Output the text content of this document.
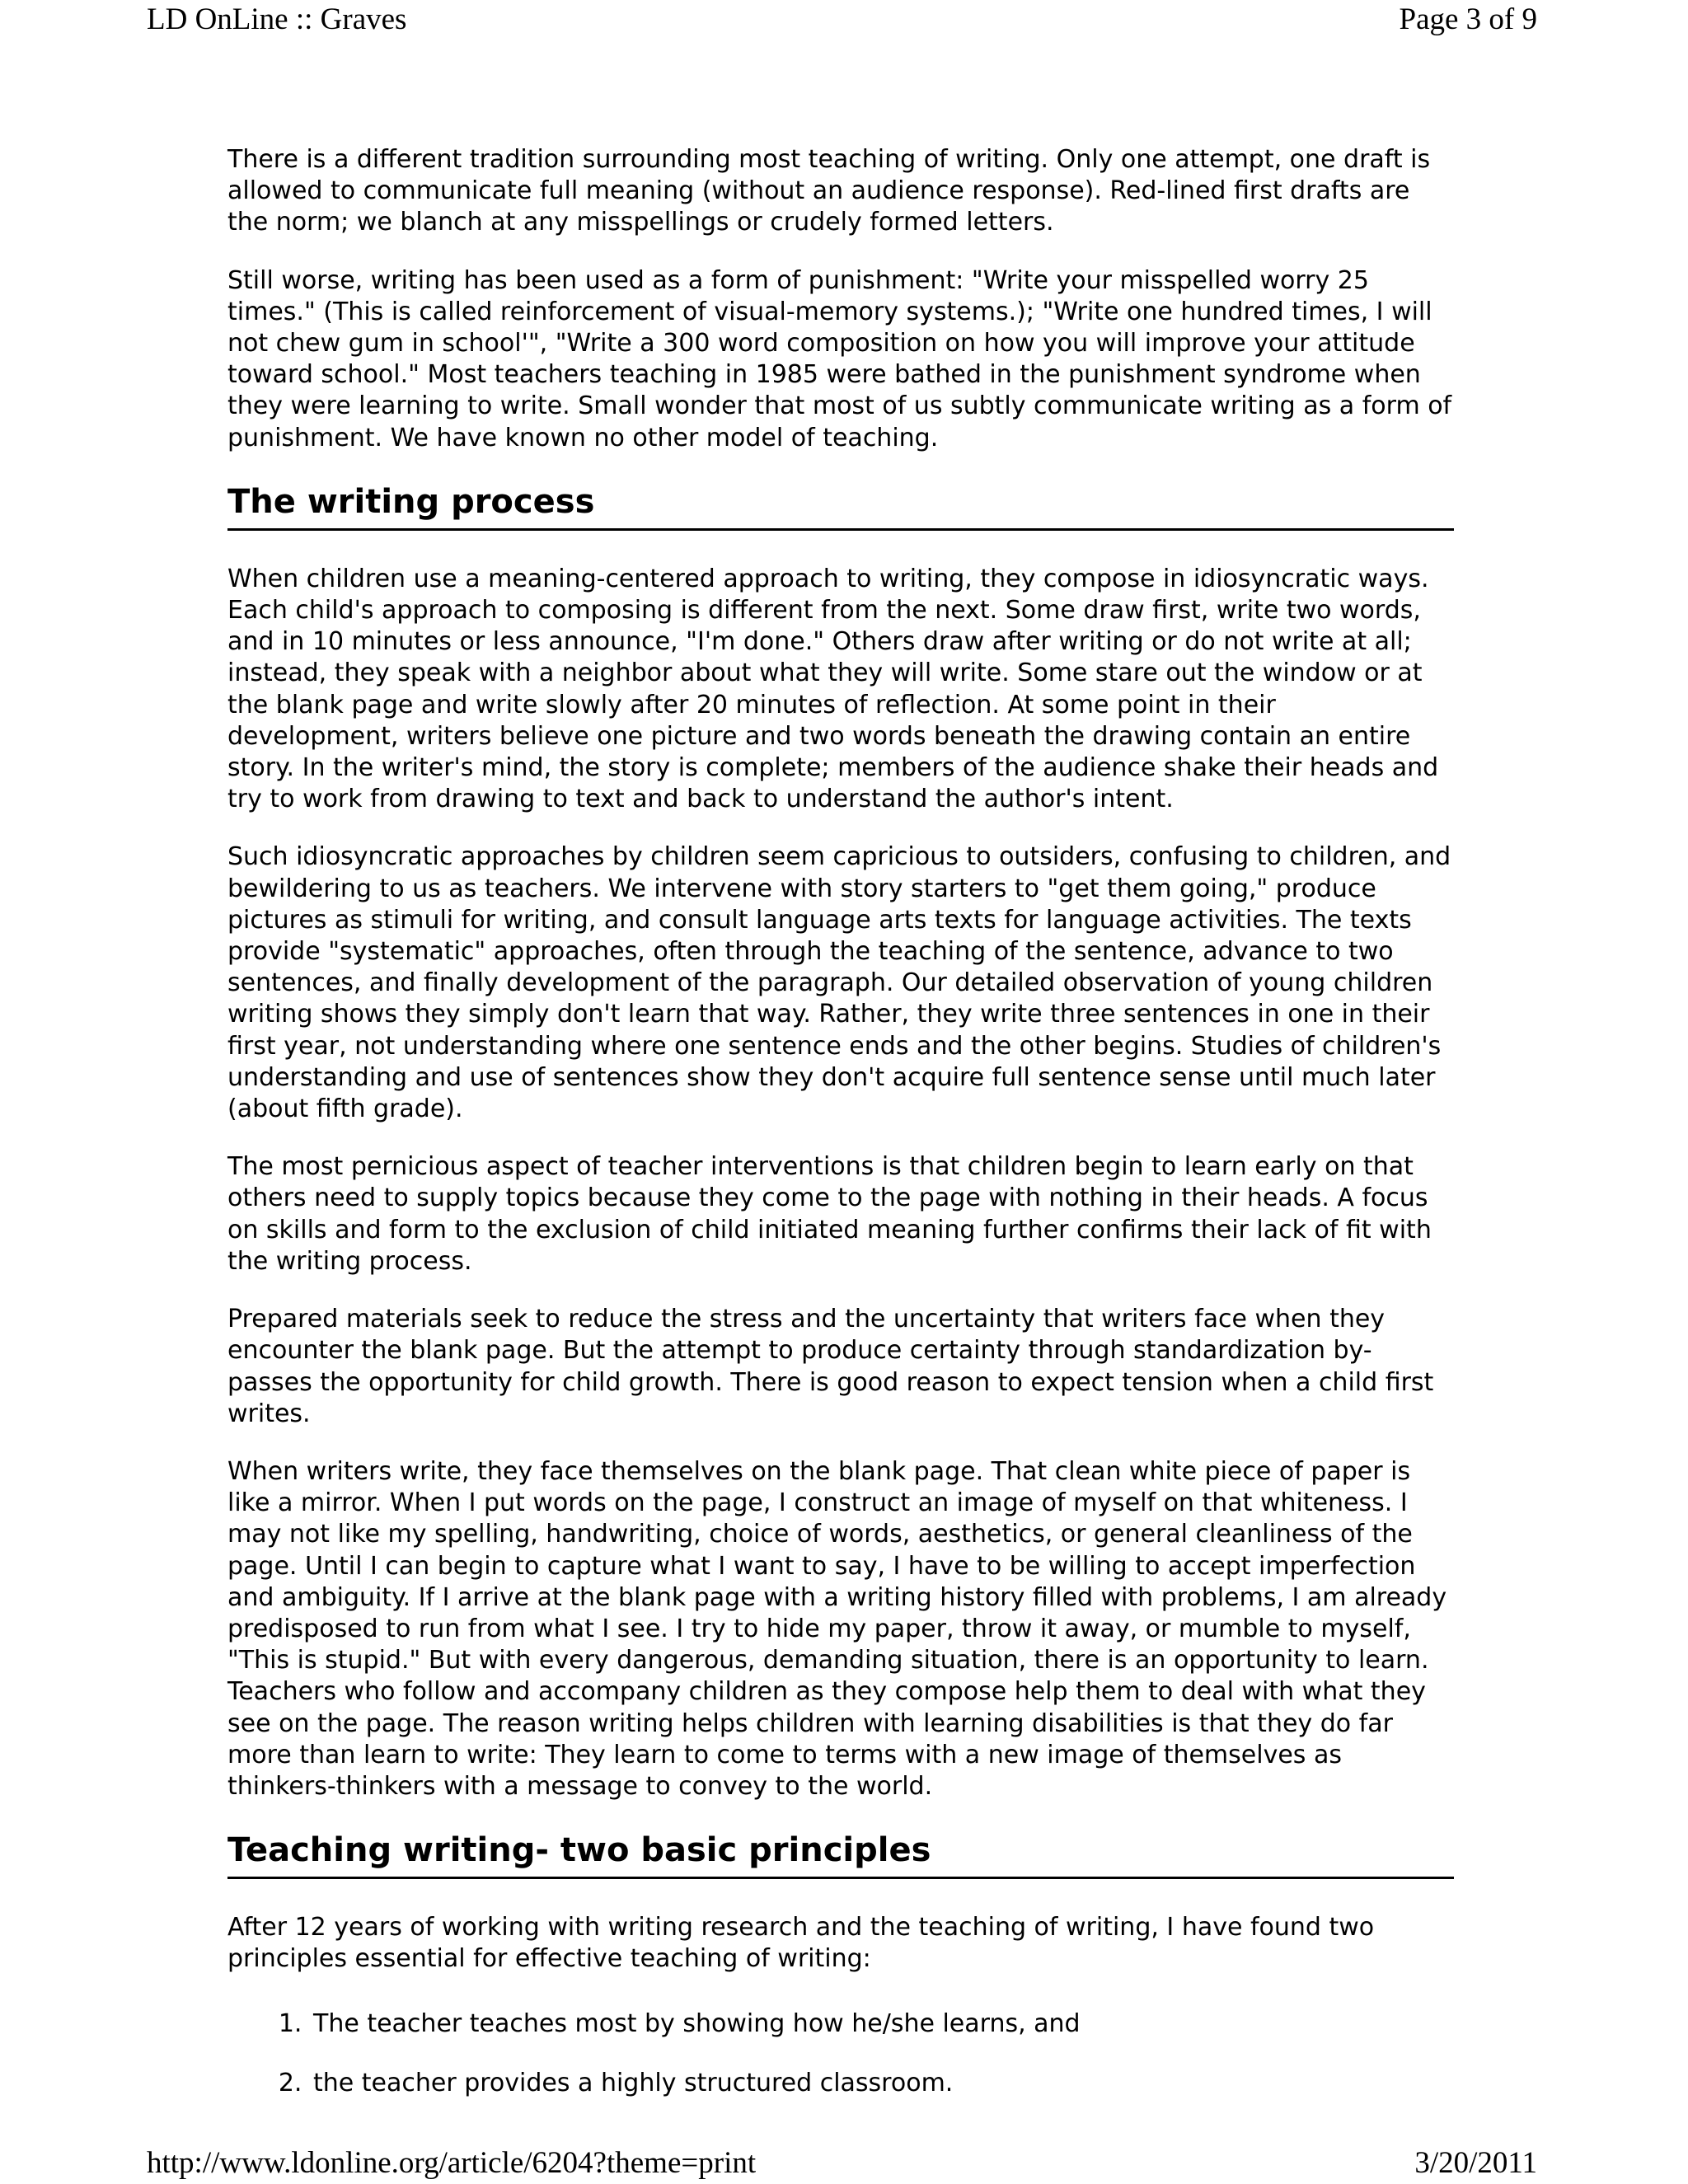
LD OnLine :: Graves	Page 3 of 9

There is a different tradition surrounding most teaching of writing. Only one attempt, one draft is allowed to communicate full meaning (without an audience response). Red-lined first drafts are the norm; we blanch at any misspellings or crudely formed letters.

Still worse, writing has been used as a form of punishment: "Write your misspelled worry 25 times." (This is called reinforcement of visual-memory systems.); "Write one hundred times, I will not chew gum in school'", "Write a 300 word composition on how you will improve your attitude toward school." Most teachers teaching in 1985 were bathed in the punishment syndrome when they were learning to write. Small wonder that most of us subtly communicate writing as a form of punishment. We have known no other model of teaching.

The writing process

When children use a meaning-centered approach to writing, they compose in idiosyncratic ways. Each child's approach to composing is different from the next. Some draw first, write two words, and in 10 minutes or less announce, "I'm done." Others draw after writing or do not write at all; instead, they speak with a neighbor about what they will write. Some stare out the window or at the blank page and write slowly after 20 minutes of reflection. At some point in their development, writers believe one picture and two words beneath the drawing contain an entire story. In the writer's mind, the story is complete; members of the audience shake their heads and try to work from drawing to text and back to understand the author's intent.

Such idiosyncratic approaches by children seem capricious to outsiders, confusing to children, and bewildering to us as teachers. We intervene with story starters to "get them going," produce pictures as stimuli for writing, and consult language arts texts for language activities. The texts provide "systematic" approaches, often through the teaching of the sentence, advance to two sentences, and finally development of the paragraph. Our detailed observation of young children writing shows they simply don't learn that way. Rather, they write three sentences in one in their first year, not understanding where one sentence ends and the other begins. Studies of children's understanding and use of sentences show they don't acquire full sentence sense until much later (about fifth grade).

The most pernicious aspect of teacher interventions is that children begin to learn early on that others need to supply topics because they come to the page with nothing in their heads. A focus on skills and form to the exclusion of child initiated meaning further confirms their lack of fit with the writing process.

Prepared materials seek to reduce the stress and the uncertainty that writers face when they encounter the blank page. But the attempt to produce certainty through standardization by-passes the opportunity for child growth. There is good reason to expect tension when a child first writes.

When writers write, they face themselves on the blank page. That clean white piece of paper is like a mirror. When I put words on the page, I construct an image of myself on that whiteness. I may not like my spelling, handwriting, choice of words, aesthetics, or general cleanliness of the page. Until I can begin to capture what I want to say, I have to be willing to accept imperfection and ambiguity. If I arrive at the blank page with a writing history filled with problems, I am already predisposed to run from what I see. I try to hide my paper, throw it away, or mumble to myself, "This is stupid." But with every dangerous, demanding situation, there is an opportunity to learn. Teachers who follow and accompany children as they compose help them to deal with what they see on the page. The reason writing helps children with learning disabilities is that they do far more than learn to write: They learn to come to terms with a new image of themselves as thinkers-thinkers with a message to convey to the world.

Teaching writing- two basic principles

After 12 years of working with writing research and the teaching of writing, I have found two principles essential for effective teaching of writing:

1. The teacher teaches most by showing how he/she learns, and
2. the teacher provides a highly structured classroom.
http://www.ldonline.org/article/6204?theme=print	3/20/2011
